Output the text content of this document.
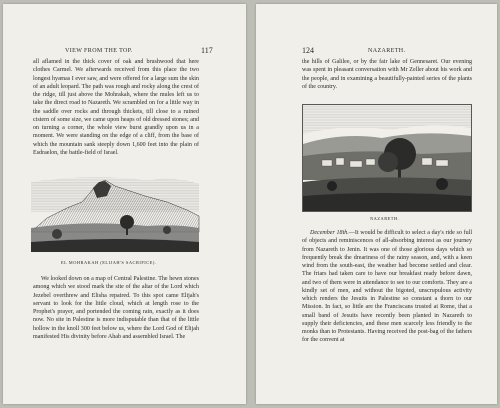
VIEW FROM THE TOP.	117

all aflamed in the thick cover of oak and brushwood that here clothes Carmel. We afterwards received from this place the two longest hyænas I ever saw, and were offered for a large sum the skin of an adult leopard. The path was rough and rocky along the crest of the ridge, till just above the Mohrakah, where the mules left us to take the direct road to Nazareth. We scrambled on for a little way in the saddle over rocks and through thickets, till close to a ruined cistern of some size, we came upon heaps of old dressed stones; and on turning a corner, the whole view burst grandly upon us in a moment. We were standing on the edge of a cliff, from the base of which the mountain sank steeply down 1,600 feet into the plain of Esdraelon, the battle-field of Israel.

EL MOHRAKAH (ELIJAH'S SACRIFICE).

We looked down on a map of Central Palestine. The hewn stones among which we stood mark the site of the altar of the Lord which Jezebel overthrew and Elisha repaired. To this spot came Elijah's servant to look for the little cloud, which at length rose to the Prophet's prayer, and portended the coming rain, exactly as it does now. No site in Palestine is more indisputable than that of the little hollow in the knoll 300 feet below us, where the Lord God of Elijah manifested His divinity before Ahab and assembled Israel. The

124	NAZARETH.

the hills of Galilee, or by the fair lake of Gennesaret. Our evening was spent in pleasant conversation with Mr Zeller about his work and the people, and in examining a beautifully-painted series of the plants of the country.

NAZARETH.

December 18th.—It would be difficult to select a day's ride so full of objects and reminiscences of all-absorbing interest as our journey from Nazareth to Jenin. It was one of those glorious days which so frequently break the dreariness of the rainy season, and, with a keen wind from the south-east, the weather had become settled and clear. The friars had taken care to have our breakfast ready before dawn, and two of them were in attendance to see to our comforts. They are a kindly set of men, and without the bigoted, unscrupulous activity which renders the Jesuits in Palestine so constant a thorn to our Mission. In fact, so little are the Franciscans trusted at Rome, that a small band of Jesuits have recently been planted in Nazareth to supply their deficiencies, and these men scarcely less friendly to the monks than to Protestants. Having received the post-bag of the fathers for the convent at
